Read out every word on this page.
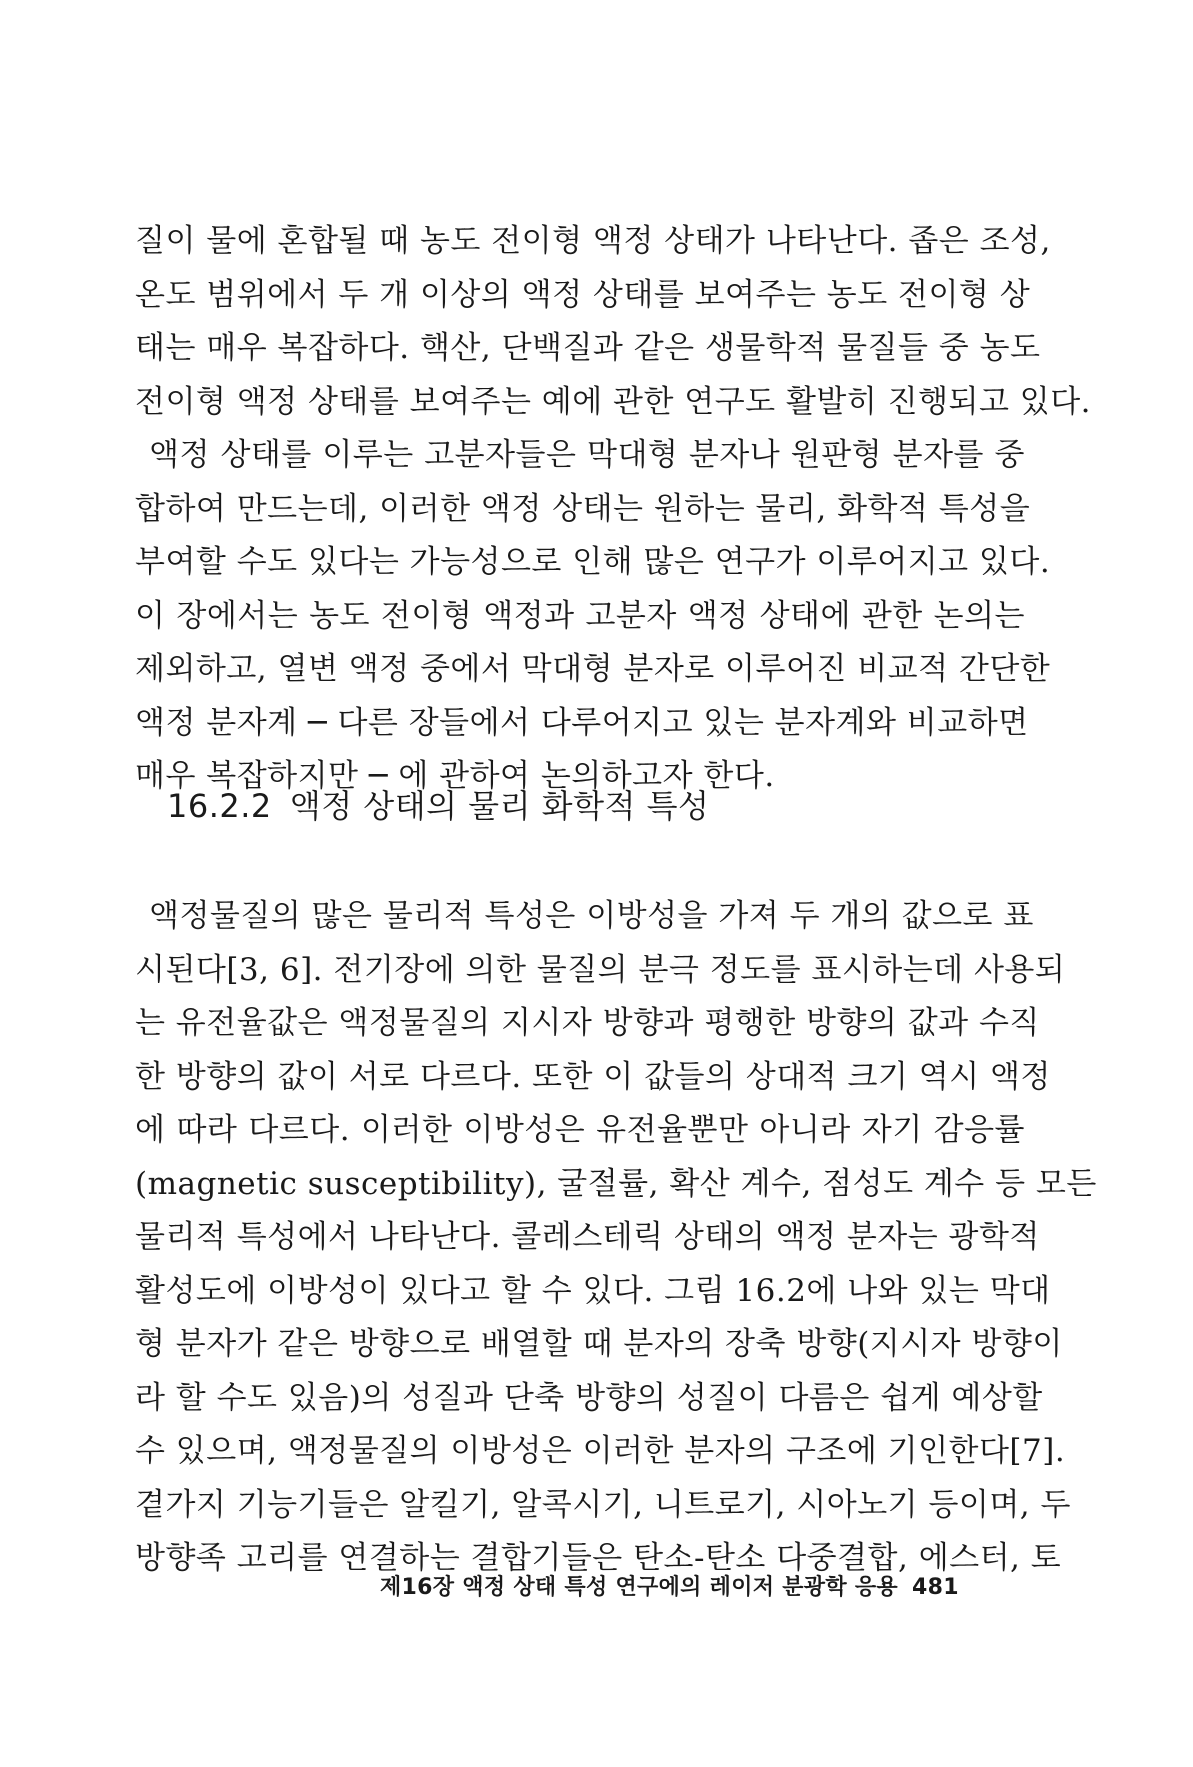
질이 물에 혼합될 때 농도 전이형 액정 상태가 나타난다. 좁은 조성,
온도 범위에서 두 개 이상의 액정 상태를 보여주는 농도 전이형 상
태는 매우 복잡하다. 핵산, 단백질과 같은 생물학적 물질들 중 농도
전이형 액정 상태를 보여주는 예에 관한 연구도 활발히 진행되고 있다.
액정 상태를 이루는 고분자들은 막대형 분자나 원판형 분자를 중
합하여 만드는데, 이러한 액정 상태는 원하는 물리, 화학적 특성을
부여할 수도 있다는 가능성으로 인해 많은 연구가 이루어지고 있다.
이 장에서는 농도 전이형 액정과 고분자 액정 상태에 관한 논의는
제외하고, 열변 액정 중에서 막대형 분자로 이루어진 비교적 간단한
액정 분자계 ─ 다른 장들에서 다루어지고 있는 분자계와 비교하면
매우 복잡하지만 ─ 에 관하여 논의하고자 한다.
16.2.2 액정 상태의 물리 화학적 특성
액정물질의 많은 물리적 특성은 이방성을 가져 두 개의 값으로 표
시된다[3, 6]. 전기장에 의한 물질의 분극 정도를 표시하는데 사용되
는 유전율값은 액정물질의 지시자 방향과 평행한 방향의 값과 수직
한 방향의 값이 서로 다르다. 또한 이 값들의 상대적 크기 역시 액정
에 따라 다르다. 이러한 이방성은 유전율뿐만 아니라 자기 감응률
(magnetic susceptibility), 굴절률, 확산 계수, 점성도 계수 등 모든
물리적 특성에서 나타난다. 콜레스테릭 상태의 액정 분자는 광학적
활성도에 이방성이 있다고 할 수 있다. 그림 16.2에 나와 있는 막대
형 분자가 같은 방향으로 배열할 때 분자의 장축 방향(지시자 방향이
라 할 수도 있음)의 성질과 단축 방향의 성질이 다름은 쉽게 예상할
수 있으며, 액정물질의 이방성은 이러한 분자의 구조에 기인한다[7].
곁가지 기능기들은 알킬기, 알콕시기, 니트로기, 시아노기 등이며, 두
방향족 고리를 연결하는 결합기들은 탄소-탄소 다중결합, 에스터, 토
제16장 액정 상태 특성 연구에의 레이저 분광학 응용 481
